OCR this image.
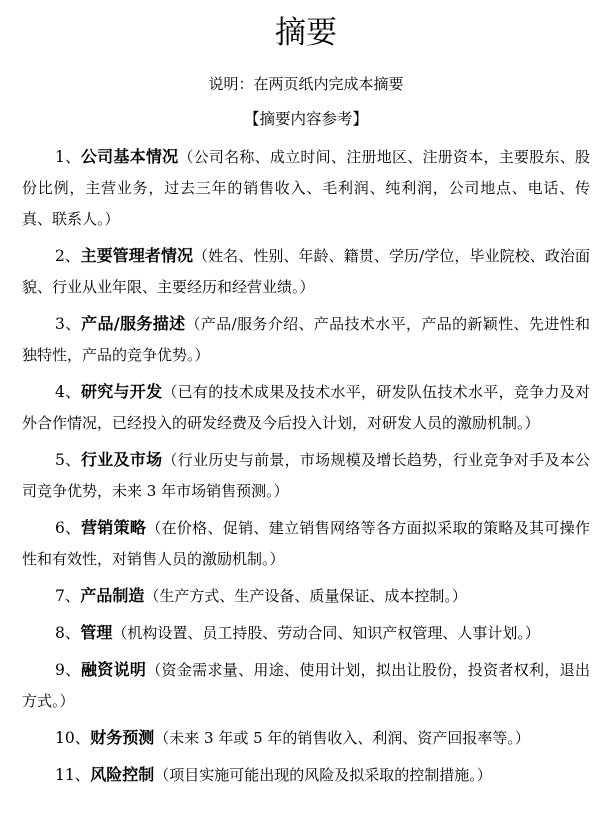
摘要

说明：在两页纸内完成本摘要

【摘要内容参考】

1、公司基本情况（公司名称、成立时间、注册地区、注册资本，主要股东、股份比例，主营业务，过去三年的销售收入、毛利润、纯利润，公司地点、电话、传真、联系人。）
2、主要管理者情况（姓名、性别、年龄、籍贯、学历/学位，毕业院校、政治面貌、行业从业年限、主要经历和经营业绩。）
3、产品/服务描述（产品/服务介绍、产品技术水平，产品的新颖性、先进性和独特性，产品的竞争优势。）
4、研究与开发（已有的技术成果及技术水平，研发队伍技术水平，竞争力及对外合作情况，已经投入的研发经费及今后投入计划，对研发人员的激励机制。）
5、行业及市场（行业历史与前景，市场规模及增长趋势，行业竞争对手及本公司竞争优势，未来 3 年市场销售预测。）
6、营销策略（在价格、促销、建立销售网络等各方面拟采取的策略及其可操作性和有效性，对销售人员的激励机制。）
7、产品制造（生产方式、生产设备、质量保证、成本控制。）
8、管理（机构设置、员工持股、劳动合同、知识产权管理、人事计划。）
9、融资说明（资金需求量、用途、使用计划，拟出让股份，投资者权利，退出方式。）
10、财务预测（未来 3 年或 5 年的销售收入、利润、资产回报率等。）
11、风险控制（项目实施可能出现的风险及拟采取的控制措施。）
